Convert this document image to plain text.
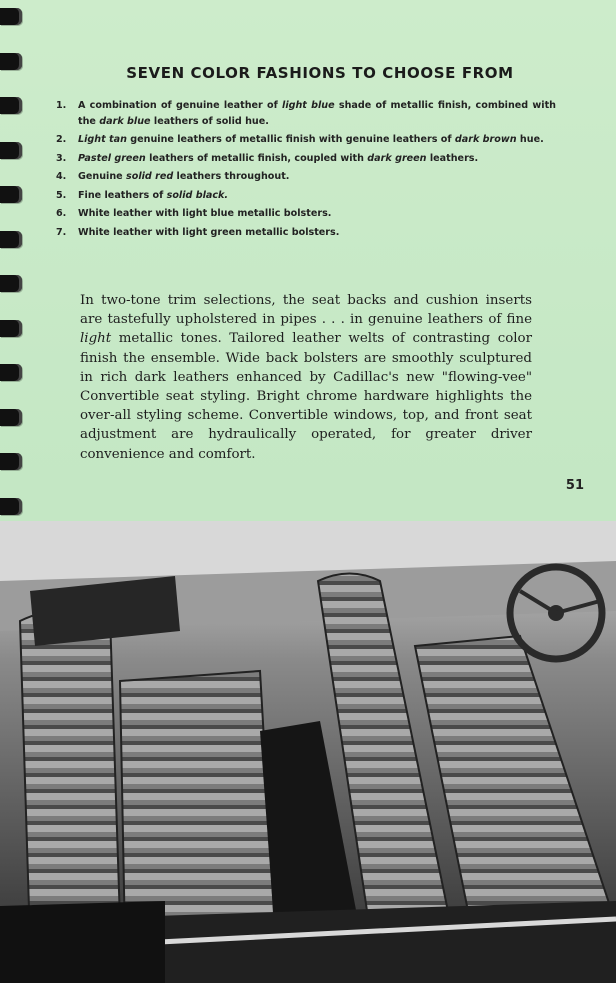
SEVEN COLOR FASHIONS TO CHOOSE FROM
1. A combination of genuine leather of light blue shade of metallic finish, combined with the dark blue leathers of solid hue.
2. Light tan genuine leathers of metallic finish with genuine leathers of dark brown hue.
3. Pastel green leathers of metallic finish, coupled with dark green leathers.
4. Genuine solid red leathers throughout.
5. Fine leathers of solid black.
6. White leather with light blue metallic bolsters.
7. White leather with light green metallic bolsters.

In two-tone trim selections, the seat backs and cushion inserts are tastefully upholstered in pipes . . . in genuine leathers of fine light metallic tones. Tailored leather welts of contrasting color finish the ensemble. Wide back bolsters are smoothly sculptured in rich dark leathers enhanced by Cadillac's new "flowing-vee" Convertible seat styling. Bright chrome hardware highlights the over-all styling scheme. Convertible windows, top, and front seat adjustment are hydraulically operated, for greater driver convenience and comfort.

51
